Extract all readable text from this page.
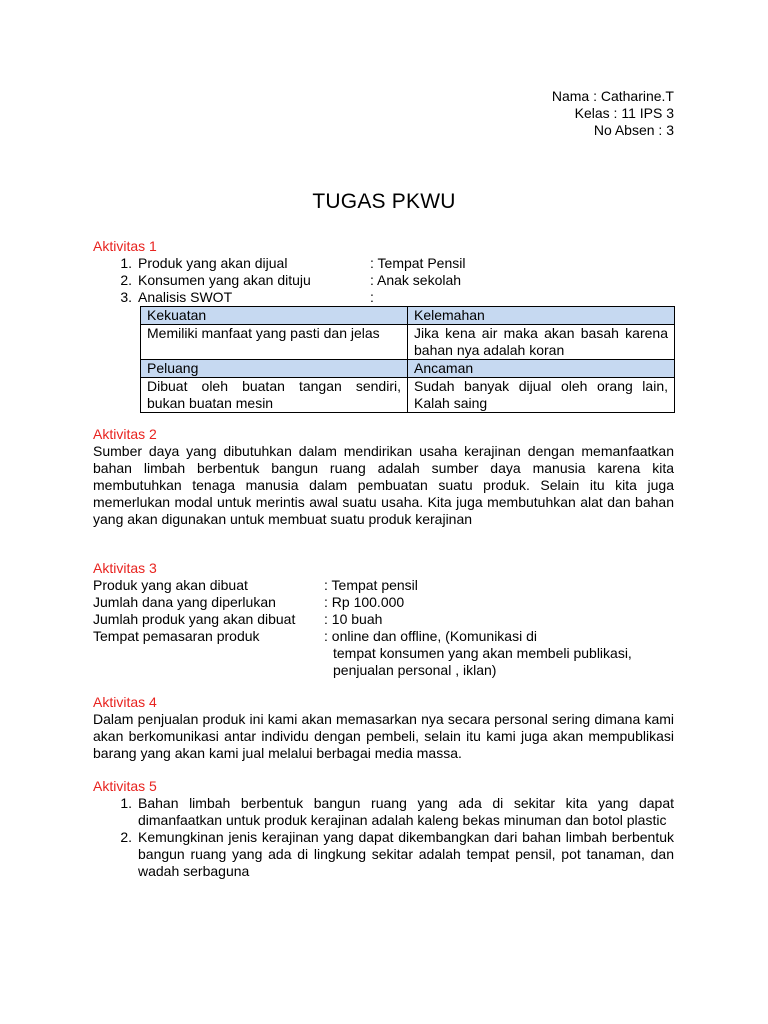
Nama : Catharine.T
Kelas : 11 IPS 3
No Absen : 3
TUGAS PKWU
Aktivitas 1
1. Produk yang akan dijual	: Tempat Pensil
2. Konsumen yang akan dituju	: Anak sekolah
3. Analisis SWOT	:
Kekuatan	Kelemahan
Memiliki manfaat yang pasti dan jelas	Jika kena air maka akan basah karena bahan nya adalah koran
Peluang	Ancaman
Dibuat oleh buatan tangan sendiri, bukan buatan mesin	Sudah banyak dijual oleh orang lain, Kalah saing
Aktivitas 2
Sumber daya yang dibutuhkan dalam mendirikan usaha kerajinan dengan memanfaatkan bahan limbah berbentuk bangun ruang adalah sumber daya manusia karena kita membutuhkan tenaga manusia dalam pembuatan suatu produk. Selain itu kita juga memerlukan modal untuk merintis awal suatu usaha. Kita juga membutuhkan alat dan bahan yang akan digunakan untuk membuat suatu produk kerajinan
Aktivitas 3
Produk yang akan dibuat	: Tempat pensil
Jumlah dana yang diperlukan	: Rp 100.000
Jumlah produk yang akan dibuat	: 10 buah
Tempat pemasaran produk	: online dan offline, (Komunikasi di
tempat konsumen yang akan membeli publikasi,
penjualan personal , iklan)
Aktivitas 4
Dalam penjualan produk ini kami akan memasarkan nya secara personal sering dimana kami akan berkomunikasi antar individu dengan pembeli, selain itu kami juga akan mempublikasi barang yang akan kami jual melalui berbagai media massa.
Aktivitas 5
1. Bahan limbah berbentuk bangun ruang yang ada di sekitar kita yang dapat dimanfaatkan untuk produk kerajinan adalah kaleng bekas minuman dan botol plastic
2. Kemungkinan jenis kerajinan yang dapat dikembangkan dari bahan limbah berbentuk bangun ruang yang ada di lingkung sekitar adalah tempat pensil, pot tanaman, dan wadah serbaguna
